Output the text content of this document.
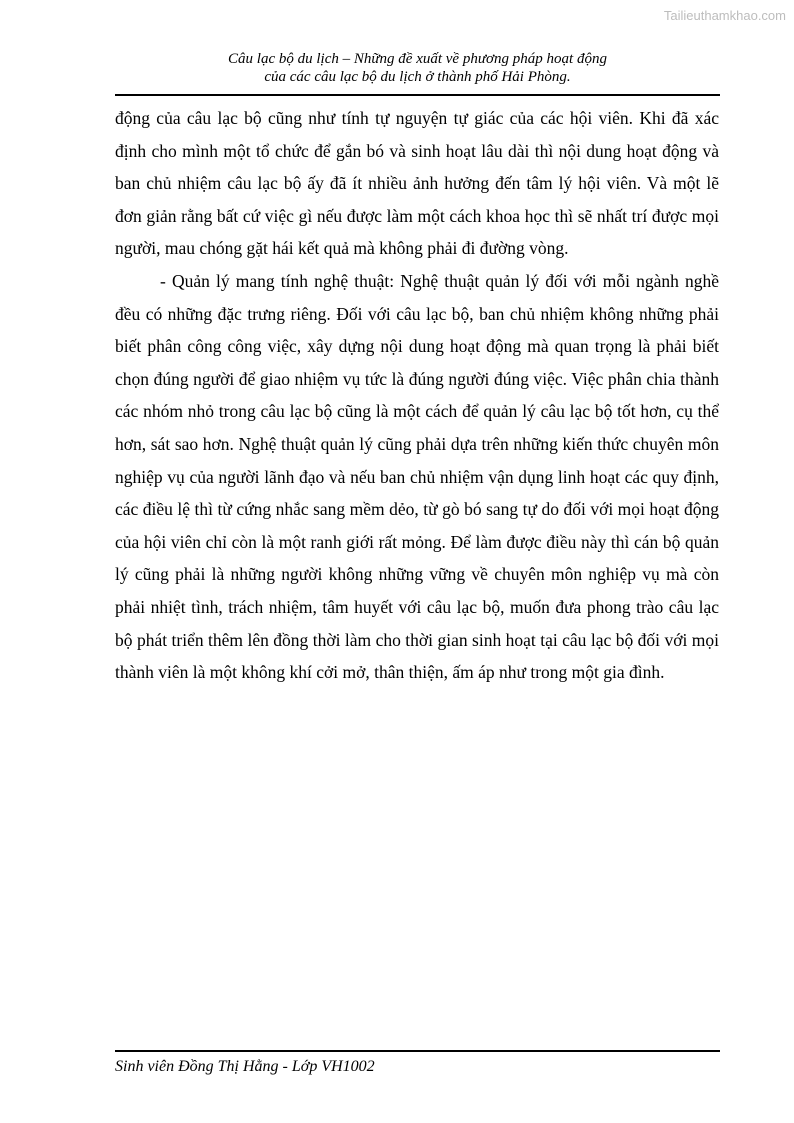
Tailieuthamkhao.com
Câu lạc bộ du lịch – Những đề xuất về phương pháp hoạt động
của các câu lạc bộ du lịch ở thành phố Hải Phòng.

động của câu lạc bộ cũng như tính tự nguyện tự giác của các hội viên. Khi đã xác định cho mình một tổ chức để gắn bó và sinh hoạt lâu dài thì nội dung hoạt động và ban chủ nhiệm câu lạc bộ ấy đã ít nhiều ảnh hưởng đến tâm lý hội viên. Và một lẽ đơn giản rằng bất cứ việc gì nếu được làm một cách khoa học thì sẽ nhất trí được mọi người, mau chóng gặt hái kết quả mà không phải đi đường vòng.

- Quản lý mang tính nghệ thuật: Nghệ thuật quản lý đối với mỗi ngành nghề đều có những đặc trưng riêng. Đối với câu lạc bộ, ban chủ nhiệm không những phải biết phân công công việc, xây dựng nội dung hoạt động mà quan trọng là phải biết chọn đúng người để giao nhiệm vụ tức là đúng người đúng việc. Việc phân chia thành các nhóm nhỏ trong câu lạc bộ cũng là một cách để quản lý câu lạc bộ tốt hơn, cụ thể hơn, sát sao hơn. Nghệ thuật quản lý cũng phải dựa trên những kiến thức chuyên môn nghiệp vụ của người lãnh đạo và nếu ban chủ nhiệm vận dụng linh hoạt các quy định, các điều lệ thì từ cứng nhắc sang mềm dẻo, từ gò bó sang tự do đối với mọi hoạt động của hội viên chỉ còn là một ranh giới rất mỏng. Để làm được điều này thì cán bộ quản lý cũng phải là những người không những vững về chuyên môn nghiệp vụ mà còn phải nhiệt tình, trách nhiệm, tâm huyết với câu lạc bộ, muốn đưa phong trào câu lạc bộ phát triển thêm lên đồng thời làm cho thời gian sinh hoạt tại câu lạc bộ đối với mọi thành viên là một không khí cởi mở, thân thiện, ấm áp như trong một gia đình.

Sinh viên Đồng Thị Hằng - Lớp VH1002
